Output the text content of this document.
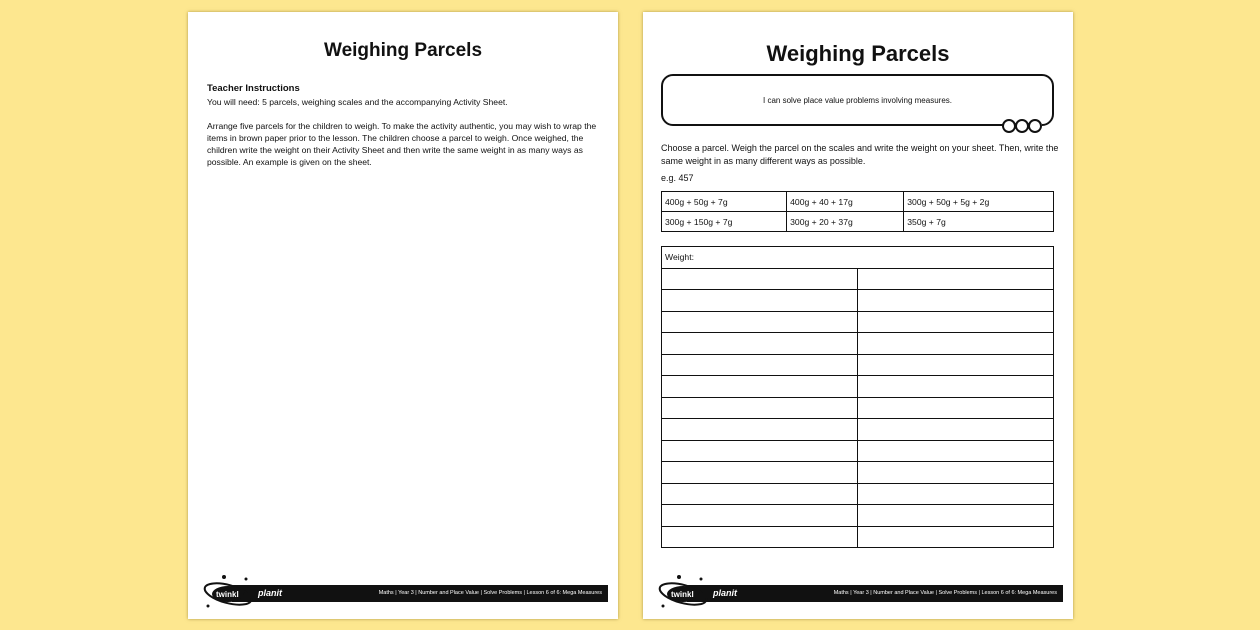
Weighing Parcels
Teacher Instructions

You will need: 5 parcels, weighing scales and the accompanying Activity Sheet.

Arrange five parcels for the children to weigh. To make the activity authentic, you may wish to wrap the items in brown paper prior to the lesson. The children choose a parcel to weigh. Once weighed, the children write the weight on their Activity Sheet and then write the same weight in as many ways as possible. An example is given on the sheet.

Maths | Year 3 | Number and Place Value | Solve Problems | Lesson 6 of 6: Mega Measures
twinkl planit
Weighing Parcels
I can solve place value problems involving measures.
Choose a parcel. Weigh the parcel on the scales and write the weight on your sheet. Then, write the same weight in as many different ways as possible.
e.g. 457
400g + 50g + 7g	400g + 40 + 17g	300g + 50g + 5g + 2g
300g + 150g + 7g	300g + 20 + 37g	350g + 7g
Weight:	

Maths | Year 3 | Number and Place Value | Solve Problems | Lesson 6 of 6: Mega Measures
twinkl planit
